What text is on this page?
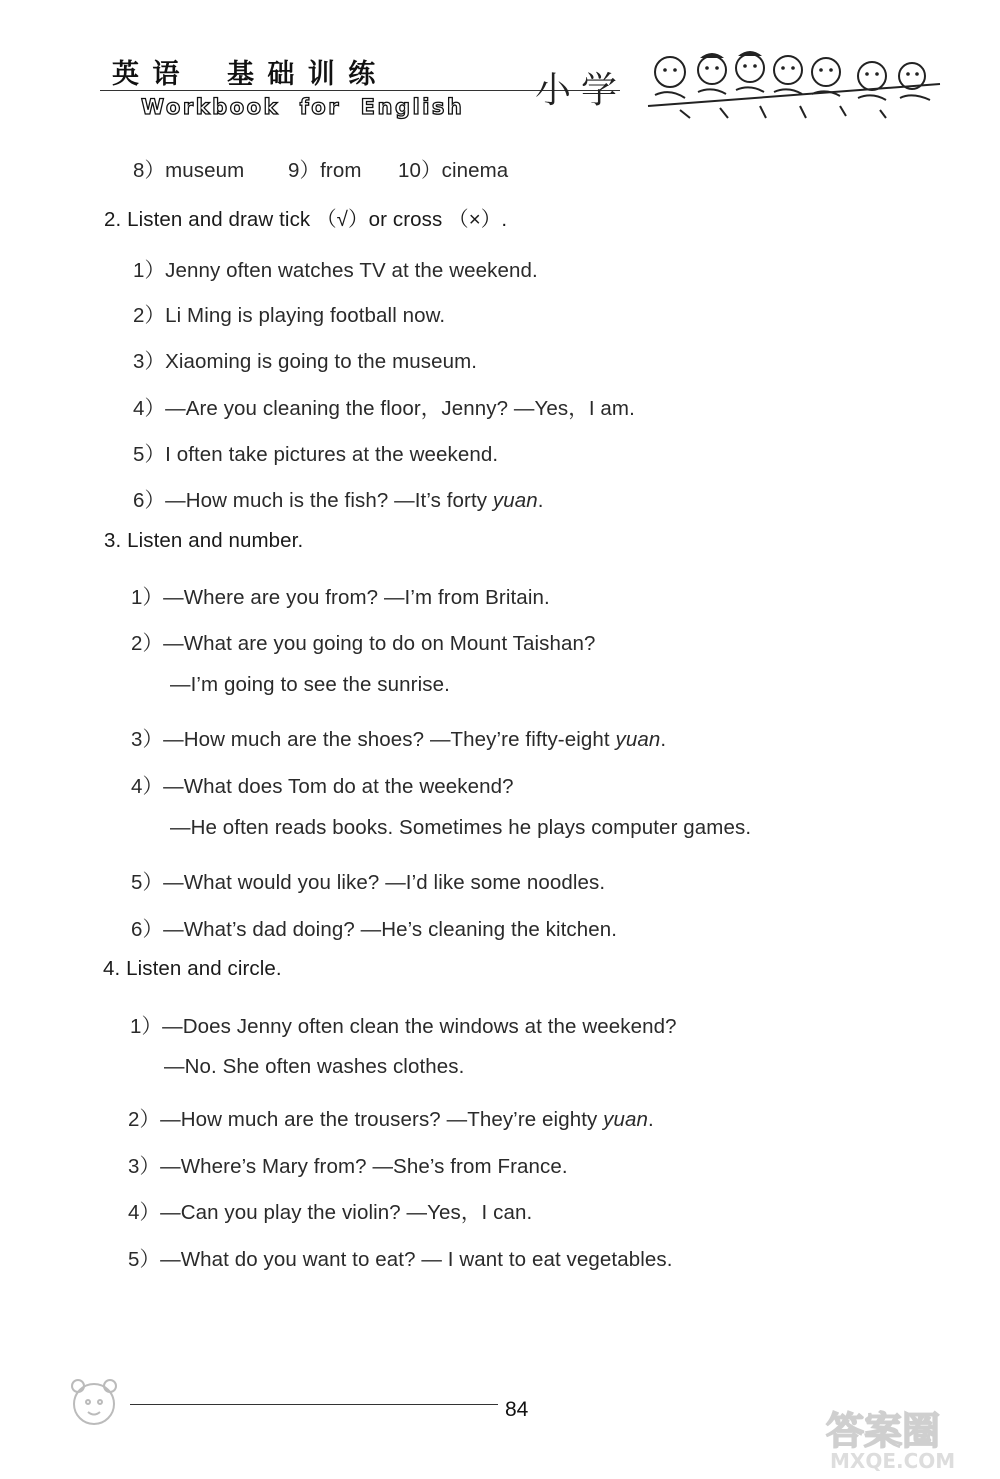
英 语    基 础 训 练
Workbook  for  English 小学
8）museum 9）from 10）cinema
2. Listen and draw tick （√）or cross （×）.
1）Jenny often watches TV at the weekend.
2）Li Ming is playing football now.
3）Xiaoming is going to the museum.
4）—Are you cleaning the floor，Jenny? —Yes，I am.
5）I often take pictures at the weekend.
6）—How much is the fish? —It’s forty yuan.
3. Listen and number.
1）—Where are you from? —I’m from Britain.
2）—What are you going to do on Mount Taishan?
—I’m going to see the sunrise.
3）—How much are the shoes? —They’re fifty-eight yuan.
4）—What does Tom do at the weekend?
—He often reads books. Sometimes he plays computer games.
5）—What would you like? —I’d like some noodles.
6）—What’s dad doing? —He’s cleaning the kitchen.
4. Listen and circle.
1）—Does Jenny often clean the windows at the weekend?
—No. She often washes clothes.
2）—How much are the trousers? —They’re eighty yuan.
3）—Where’s Mary from? —She’s from France.
4）—Can you play the violin? —Yes，I can.
5）—What do you want to eat? — I want to eat vegetables.
84	答案圈
MXQE.COM
